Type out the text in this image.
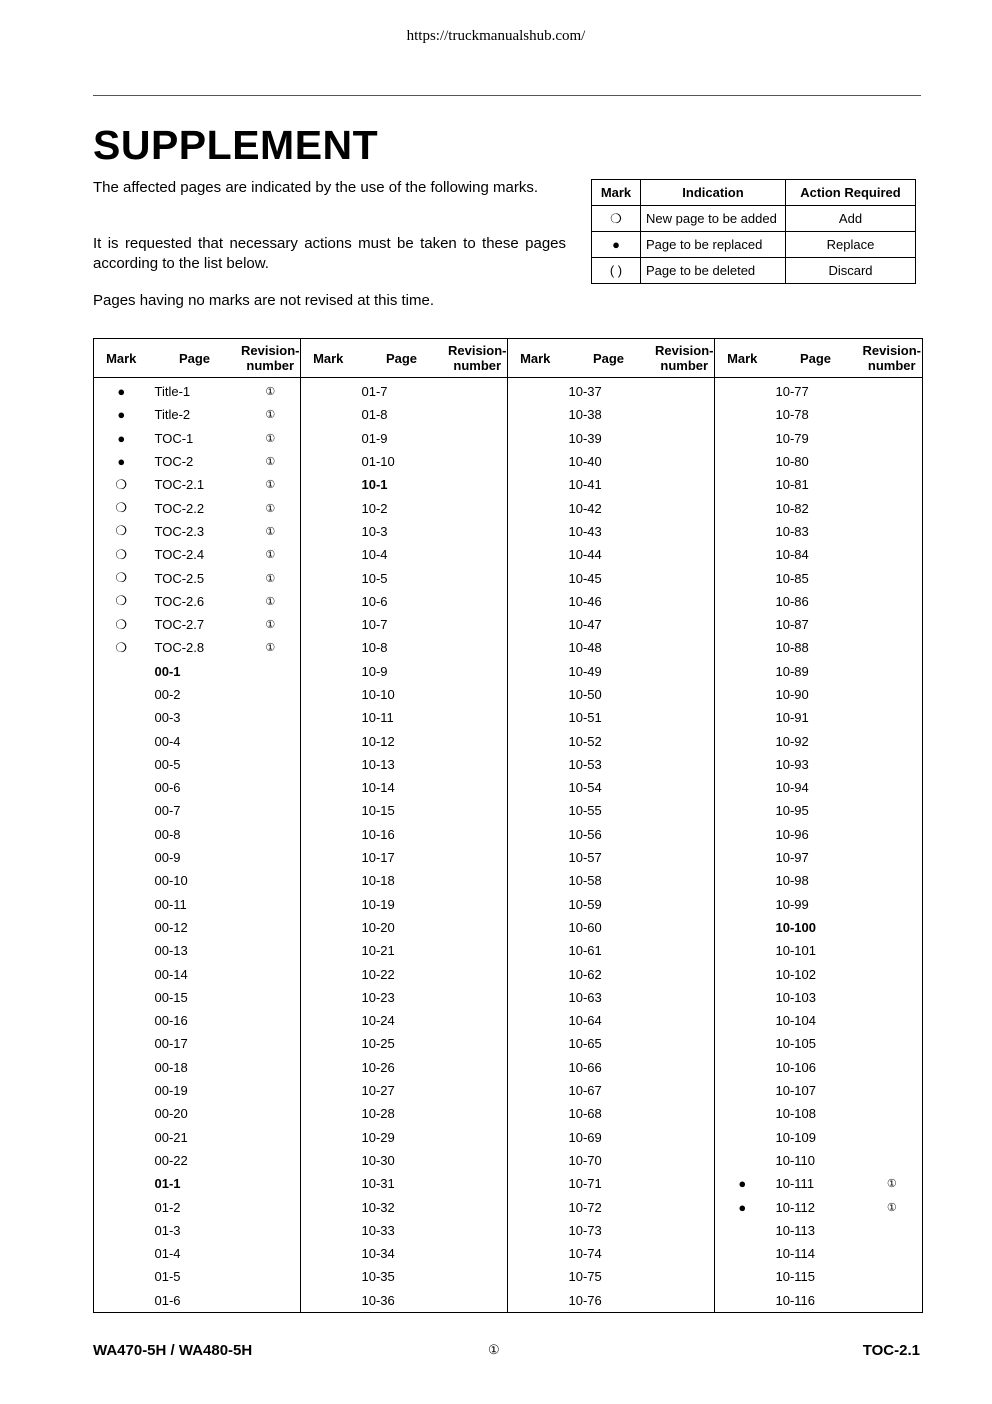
https://truckmanualshub.com/
SUPPLEMENT

The affected pages are indicated by the use of the following marks.

It is requested that necessary actions must be taken to these pages according to the list below.

Pages having no marks are not revised at this time.

Mark	Indication	Action Required
❍	New page to be added	Add
●	Page to be replaced	Replace
( )	Page to be deleted	Discard
Mark	Page	Revision-number	Mark	Page	Revision-number	Mark	Page	Revision-number	Mark	Page	Revision-number
●	Title-1	①		01-7			10-37			10-77	
●	Title-2	①		01-8			10-38			10-78	
●	TOC-1	①		01-9			10-39			10-79	
●	TOC-2	①		01-10			10-40			10-80	
❍	TOC-2.1	①		10-1			10-41			10-81	
❍	TOC-2.2	①		10-2			10-42			10-82	
❍	TOC-2.3	①		10-3			10-43			10-83	
❍	TOC-2.4	①		10-4			10-44			10-84	
❍	TOC-2.5	①		10-5			10-45			10-85	
❍	TOC-2.6	①		10-6			10-46			10-86	
❍	TOC-2.7	①		10-7			10-47			10-87	
❍	TOC-2.8	①		10-8			10-48			10-88	
	00-1			10-9			10-49			10-89	
	00-2			10-10			10-50			10-90	
	00-3			10-11			10-51			10-91	
	00-4			10-12			10-52			10-92	
	00-5			10-13			10-53			10-93	
	00-6			10-14			10-54			10-94	
	00-7			10-15			10-55			10-95	
	00-8			10-16			10-56			10-96	
	00-9			10-17			10-57			10-97	
	00-10			10-18			10-58			10-98	
	00-11			10-19			10-59			10-99	
	00-12			10-20			10-60			10-100	
	00-13			10-21			10-61			10-101	
	00-14			10-22			10-62			10-102	
	00-15			10-23			10-63			10-103	
	00-16			10-24			10-64			10-104	
	00-17			10-25			10-65			10-105	
	00-18			10-26			10-66			10-106	
	00-19			10-27			10-67			10-107	
	00-20			10-28			10-68			10-108	
	00-21			10-29			10-69			10-109	
	00-22			10-30			10-70			10-110	
	01-1			10-31			10-71		●	10-111	①
	01-2			10-32			10-72		●	10-112	①
	01-3			10-33			10-73			10-113	
	01-4			10-34			10-74			10-114	
	01-5			10-35			10-75			10-115	
	01-6			10-36			10-76			10-116	
WA470-5H / WA480-5H	①	TOC-2.1
